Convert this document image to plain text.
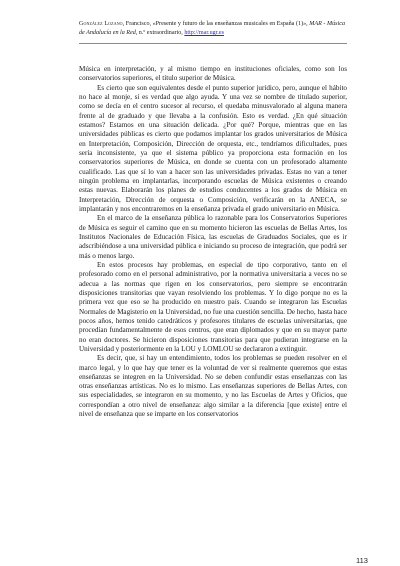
González Lozano, Francisco, «Presente y futuro de las enseñanzas musicales en España (1)», MAR - Música de Andalucía en la Red, n.º extraordinario, http://mar.ugr.es

Música en interpretación, y al mismo tiempo en instituciones oficiales, como son los conservatorios superiores, el título superior de Música.

Es cierto que son equivalentes desde el punto superior jurídico, pero, aunque el hábito no hace al monje, sí es verdad que algo ayuda. Y una vez se nombre de titulado superior, como se decía en el centro sucesor al recurso, el quedaba minusvalorado al alguna manera frente al de graduado y que llevaba a la confusión. Esto es verdad. ¿En qué situación estamos? Estamos en una situación delicada. ¿Por qué? Porque, mientras que en las universidades públicas es cierto que podamos implantar los grados universitarios de Música en Interpretación, Composición, Dirección de orquesta, etc., tendríamos dificultades, pues sería inconsistente, ya que el sistema público ya proporciona esta formación en los conservatorios superiores de Música, en donde se cuenta con un profesorado altamente cualificado. Las que sí lo van a hacer son las universidades privadas. Estas no van a tener ningún problema en implantarlas, incorporando escuelas de Música existentes o creando estas nuevas. Elaborarán los planes de estudios conducentes a los grados de Música en Interpretación, Dirección de orquesta o Composición, verificarán en la ANECA, se implantarán y nos encontraremos en la enseñanza privada el grado universitario en Música.

En el marco de la enseñanza pública lo razonable para los Conservatorios Superiores de Música es seguir el camino que en su momento hicieron las escuelas de Bellas Artes, los Institutos Nacionales de Educación Física, las escuelas de Graduados Sociales, que es ir adscribiéndose a una universidad pública e iniciando su proceso de integración, que podrá ser más o menos largo.

En estos procesos hay problemas, en especial de tipo corporativo, tanto en el profesorado como en el personal administrativo, por la normativa universitaria a veces no se adecua a las normas que rigen en los conservatorios, pero siempre se encontrarán disposiciones transitorias que vayan resolviendo los problemas. Y lo digo porque no es la primera vez que eso se ha producido en nuestro país. Cuando se integraron las Escuelas Normales de Magisterio en la Universidad, no fue una cuestión sencilla. De hecho, hasta hace pocos años, hemos tenido catedráticos y profesores titulares de escuelas universitarias, que procedían fundamentalmente de esos centros, que eran diplomados y que en su mayor parte no eran doctores. Se hicieron disposiciones transitorias para que pudieran integrarse en la Universidad y posteriormente en la LOU y LOMLOU se declararon a extinguir.

Es decir, que, si hay un entendimiento, todos los problemas se pueden resolver en el marco legal, y lo que hay que tener es la voluntad de ver si realmente queremos que estas enseñanzas se integren en la Universidad. No se deben confundir estas enseñanzas con las otras enseñanzas artísticas. No es lo mismo. Las enseñanzas superiores de Bellas Artes, con sus especialidades, se integraron en su momento, y no las Escuelas de Artes y Oficios, que correspondían a otro nivel de enseñanza: algo similar a la diferencia [que existe] entre el nivel de enseñanza que se imparte en los conservatorios

113
